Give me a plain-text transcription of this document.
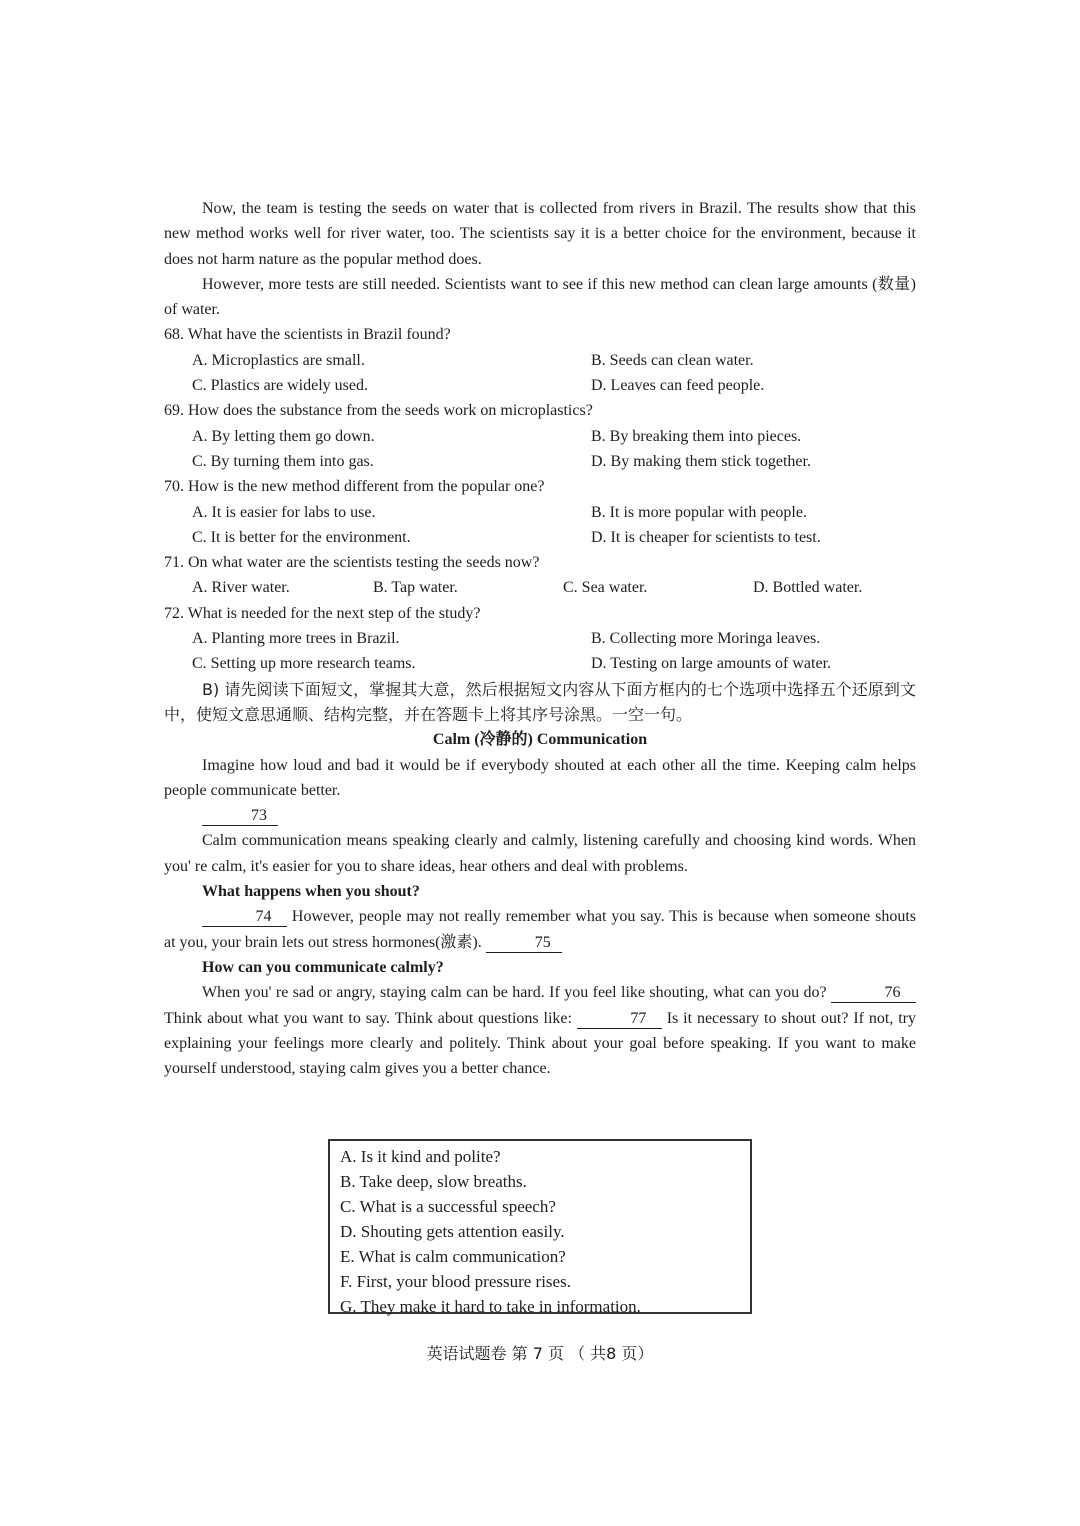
Now, the team is testing the seeds on water that is collected from rivers in Brazil. The results show that this new method works well for river water, too. The scientists say it is a better choice for the environment, because it does not harm nature as the popular method does.

However, more tests are still needed. Scientists want to see if this new method can clean large amounts (数量) of water.

68. What have the scientists in Brazil found?

A. Microplastics are small.	B. Seeds can clean water.
C. Plastics are widely used.	D. Leaves can feed people.

69. How does the substance from the seeds work on microplastics?

A. By letting them go down.	B. By breaking them into pieces.
C. By turning them into gas.	D. By making them stick together.

70. How is the new method different from the popular one?

A. It is easier for labs to use.	B. It is more popular with people.
C. It is better for the environment.	D. It is cheaper for scientists to test.

71. On what water are the scientists testing the seeds now?

A. River water.	B. Tap water.	C. Sea water.	D. Bottled water.

72. What is needed for the next step of the study?

A. Planting more trees in Brazil.	B. Collecting more Moringa leaves.
C. Setting up more research teams.	D. Testing on large amounts of water.

B) 请先阅读下面短文，掌握其大意，然后根据短文内容从下面方框内的七个选项中选择五个还原到文中，使短文意思通顺、结构完整，并在答题卡上将其序号涂黑。一空一句。

Calm (冷静的) Communication

Imagine how loud and bad it would be if everybody shouted at each other all the time. Keeping calm helps people communicate better.

73

Calm communication means speaking clearly and calmly, listening carefully and choosing kind words. When you' re calm, it's easier for you to share ideas, hear others and deal with problems.

What happens when you shout?

74 However, people may not really remember what you say. This is because when someone shouts at you, your brain lets out stress hormones(激素).	75

How can you communicate calmly?

When you' re sad or angry, staying calm can be hard. If you feel like shouting, what can you do?	76 Think about what you want to say. Think about questions like:	77 Is it necessary to shout out? If not, try explaining your feelings more clearly and politely. Think about your goal before speaking. If you want to make yourself understood, staying calm gives you a better chance.

A. Is it kind and polite?
B. Take deep, slow breaths.
C. What is a successful speech?
D. Shouting gets attention easily.
E. What is calm communication?
F. First, your blood pressure rises.
G. They make it hard to take in information.
英语试题卷 第 7 页 （ 共8 页）
